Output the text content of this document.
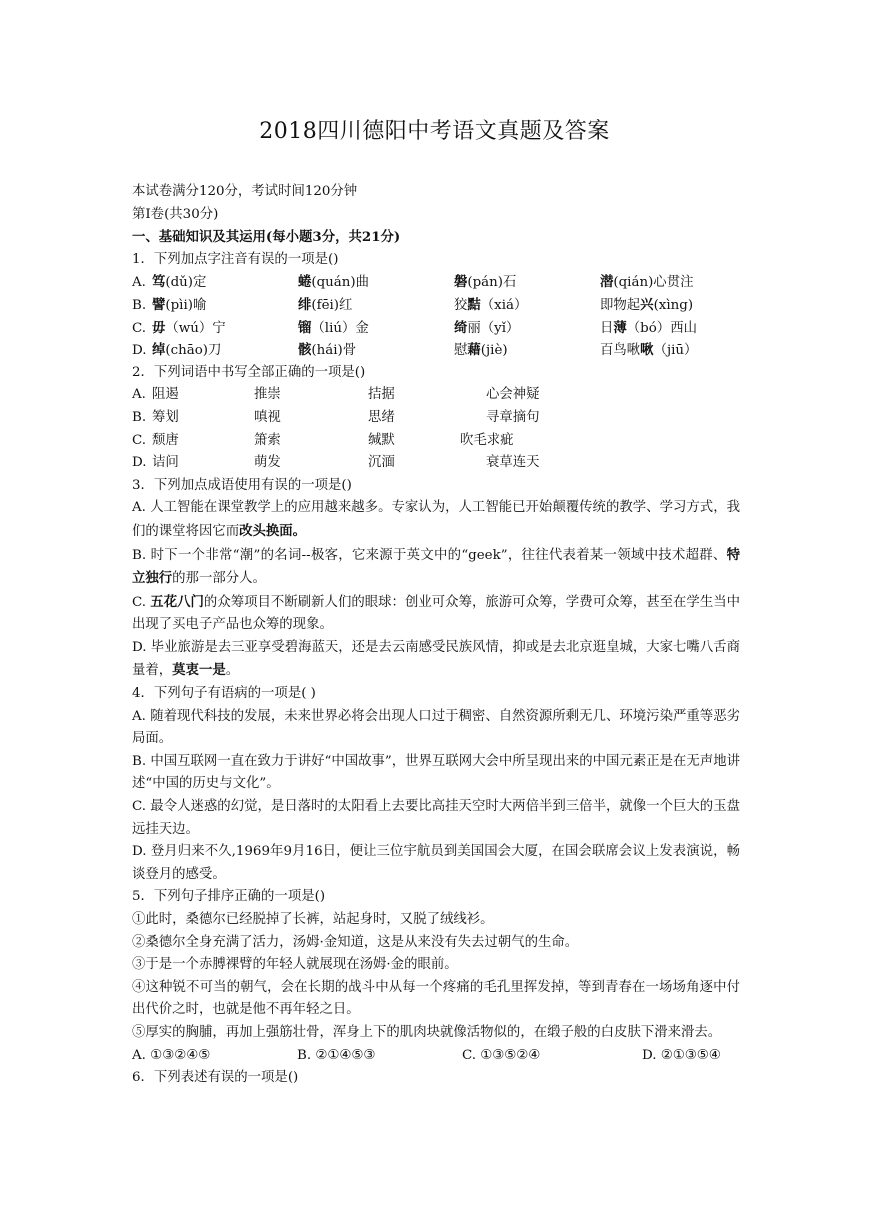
2018四川德阳中考语文真题及答案
本试卷满分120分，考试时间120分钟
第Ⅰ卷(共30分)
一、基础知识及其运用(每小题3分，共21分)
1．下列加点字注音有误的一项是()
A. 笃(dǔ)定	蜷(quán)曲	磐(pán)石	潜(qián)心贯注
B. 譬(pìi)喻	绯(fēi)红	狡黠（xiá）	即物起兴(xìng)
C. 毋（wú）宁	镏（liú）金	绮丽（yǐ）	日薄（bó）西山
D. 绰(chāo)刀	骸(hái)骨	慰藉(jiè)	百鸟啾啾（jiū）
2．下列词语中书写全部正确的一项是()
A. 阻遏	推崇	拮据	心会神疑
B. 筹划	嗔视	思绪	寻章摘句
C. 颓唐	箫索	缄默	吹毛求疵
D. 诘问	萌发	沉湎	衰草连天
3．下列加点成语使用有误的一项是()
A. 人工智能在课堂教学上的应用越来越多。专家认为，人工智能已开始颠覆传统的教学、学习方式，我们的课堂将因它而改头换面。
B. 时下一个非常“潮”的名词--极客，它来源于英文中的“geek”，往往代表着某一领域中技术超群、特立独行的那一部分人。
C. 五花八门的众筹项目不断刷新人们的眼球：创业可众筹，旅游可众筹，学费可众筹，甚至在学生当中出现了买电子产品也众筹的现象。
D. 毕业旅游是去三亚享受碧海蓝天，还是去云南感受民族风情，抑或是去北京逛皇城，大家七嘴八舌商量着，莫衷一是。
4．下列句子有语病的一项是( )
A. 随着现代科技的发展，未来世界必将会出现人口过于稠密、自然资源所剩无几、环境污染严重等恶劣局面。
B. 中国互联网一直在致力于讲好“中国故事”，世界互联网大会中所呈现出来的中国元素正是在无声地讲述“中国的历史与文化”。
C. 最令人迷惑的幻觉，是日落时的太阳看上去要比高挂天空时大两倍半到三倍半，就像一个巨大的玉盘远挂天边。
D. 登月归来不久,1969年9月16日，便让三位宇航员到美国国会大厦，在国会联席会议上发表演说，畅谈登月的感受。
5．下列句子排序正确的一项是()
①此时，桑德尔已经脱掉了长裤，站起身时，又脱了绒线衫。
②桑德尔全身充满了活力，汤姆·金知道，这是从来没有失去过朝气的生命。
③于是一个赤膊裸臂的年轻人就展现在汤姆·金的眼前。
④这种锐不可当的朝气，会在长期的战斗中从每一个疼痛的毛孔里挥发掉，等到青春在一场场角逐中付出代价之时，也就是他不再年轻之日。
⑤厚实的胸脯，再加上强筋壮骨，浑身上下的肌肉块就像活物似的，在缎子般的白皮肤下滑来滑去。
A. ①③②④⑤	B. ②①④⑤③	C. ①③⑤②④	D. ②①③⑤④
6．下列表述有误的一项是()
